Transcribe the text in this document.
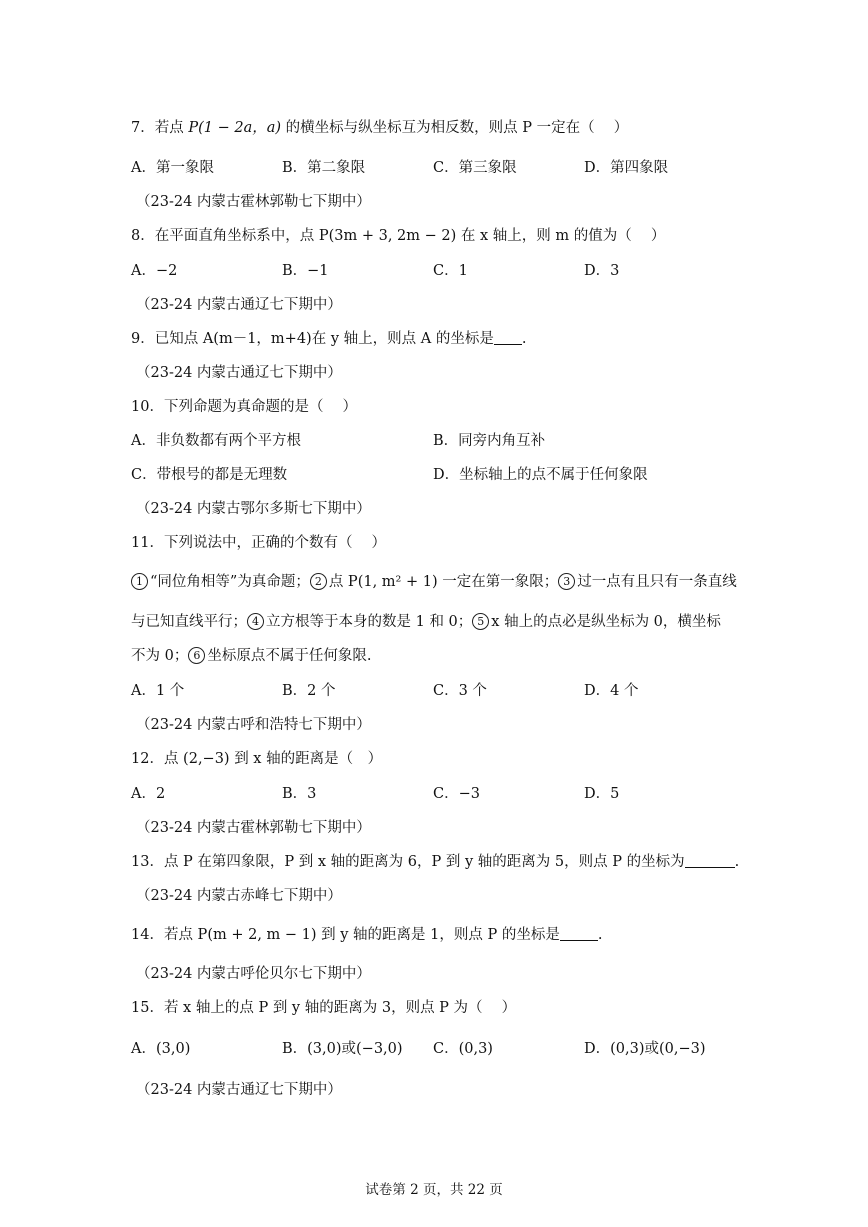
7．若点 P(1 − 2a，a) 的横坐标与纵坐标互为相反数，则点 P 一定在（　 ）
A．第一象限	B．第二象限	C．第三象限	D．第四象限
（23-24 内蒙古霍林郭勒七下期中）
8．在平面直角坐标系中，点 P(3m + 3, 2m − 2) 在 x 轴上，则 m 的值为（　 ）
A．−2	B．−1	C．1	D．3
（23-24 内蒙古通辽七下期中）
9．已知点 A(m－1，m+4)在 y 轴上，则点 A 的坐标是 .
（23-24 内蒙古通辽七下期中）
10．下列命题为真命题的是（　 ）
A．非负数都有两个平方根	B．同旁内角互补
C．带根号的都是无理数	D．坐标轴上的点不属于任何象限
（23-24 内蒙古鄂尔多斯七下期中）
11．下列说法中，正确的个数有（　 ）
1 “同位角相等”为真命题； 2 点 P(1, m² + 1) 一定在第一象限； 3 过一点有且只有一条直线
与已知直线平行； 4 立方根等于本身的数是 1 和 0； 5 x 轴上的点必是纵坐标为 0，横坐标
不为 0； 6 坐标原点不属于任何象限.
A．1 个	B．2 个	C．3 个	D．4 个
（23-24 内蒙古呼和浩特七下期中）
12．点 (2,−3) 到 x 轴的距离是（　）
A．2	B．3	C．−3	D．5
（23-24 内蒙古霍林郭勒七下期中）
13．点 P 在第四象限，P 到 x 轴的距离为 6，P 到 y 轴的距离为 5，则点 P 的坐标为	.
（23-24 内蒙古赤峰七下期中）
14．若点 P(m + 2, m − 1) 到 y 轴的距离是 1，则点 P 的坐标是	.
（23-24 内蒙古呼伦贝尔七下期中）
15．若 x 轴上的点 P 到 y 轴的距离为 3，则点 P 为（　 ）
A．(3,0)	B．(3,0)或(−3,0)	C．(0,3)	D．(0,3)或(0,−3)
（23-24 内蒙古通辽七下期中）
试卷第 2 页，共 22 页
